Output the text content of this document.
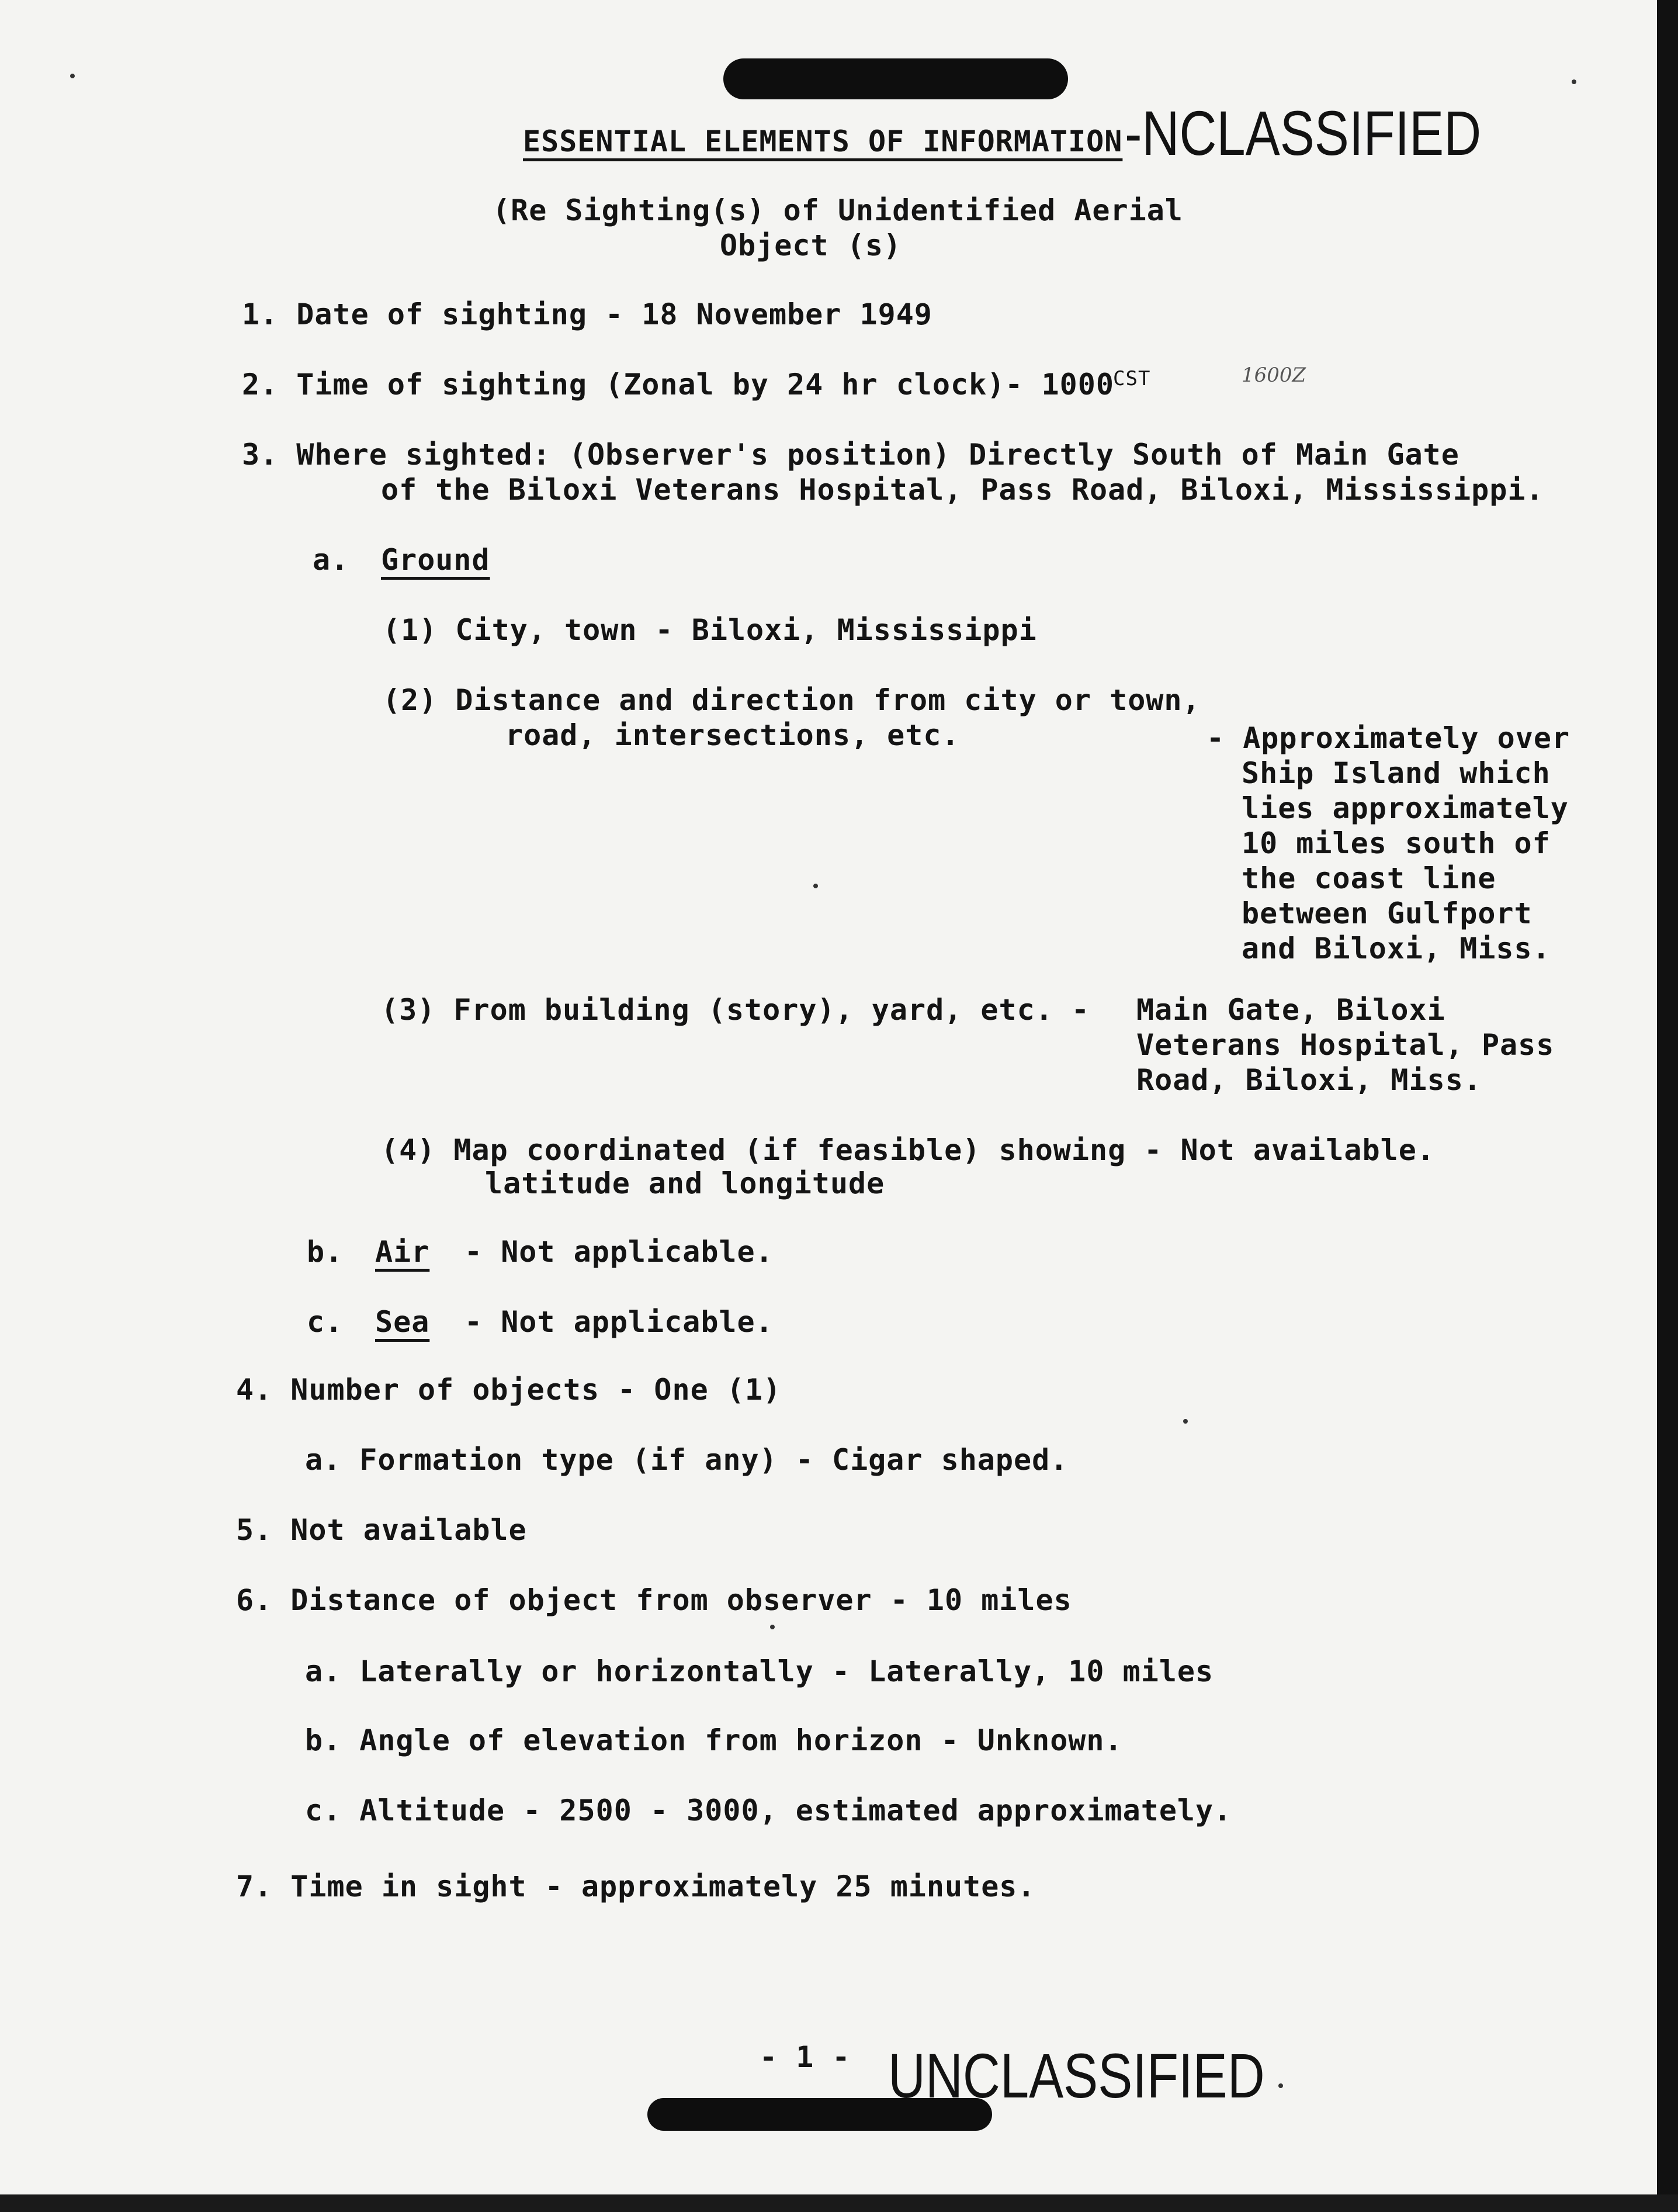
ESSENTIAL ELEMENTS OF INFORMATION -NCLASSIFIED
(Re Sighting(s) of Unidentified Aerial
Object (s)
1. Date of sighting - 18 November 1949
2. Time of sighting (Zonal by 24 hr clock)- 1000
CST	1600Z
3. Where sighted: (Observer's position) Directly South of Main Gate
of the Biloxi Veterans Hospital, Pass Road, Biloxi, Mississippi.
a. Ground
(1) City, town - Biloxi, Mississippi
(2) Distance and direction from city or town,
road, intersections, etc.	- Approximately over
Ship Island which
lies approximately
10 miles south of
the coast line
between Gulfport
and Biloxi, Miss.
(3) From building (story), yard, etc. - Main Gate, Biloxi
Veterans Hospital, Pass
Road, Biloxi, Miss.
(4) Map coordinated (if feasible) showing - Not available.
latitude and longitude
b. Air - Not applicable.
c. Sea - Not applicable.
4. Number of objects - One (1)
a. Formation type (if any) - Cigar shaped.
5. Not available
6. Distance of object from observer - 10 miles
a. Laterally or horizontally - Laterally, 10 miles
b. Angle of elevation from horizon - Unknown.
c. Altitude - 2500 - 3000, estimated approximately.
7. Time in sight - approximately 25 minutes.
- 1 - UNCLASSIFIED
